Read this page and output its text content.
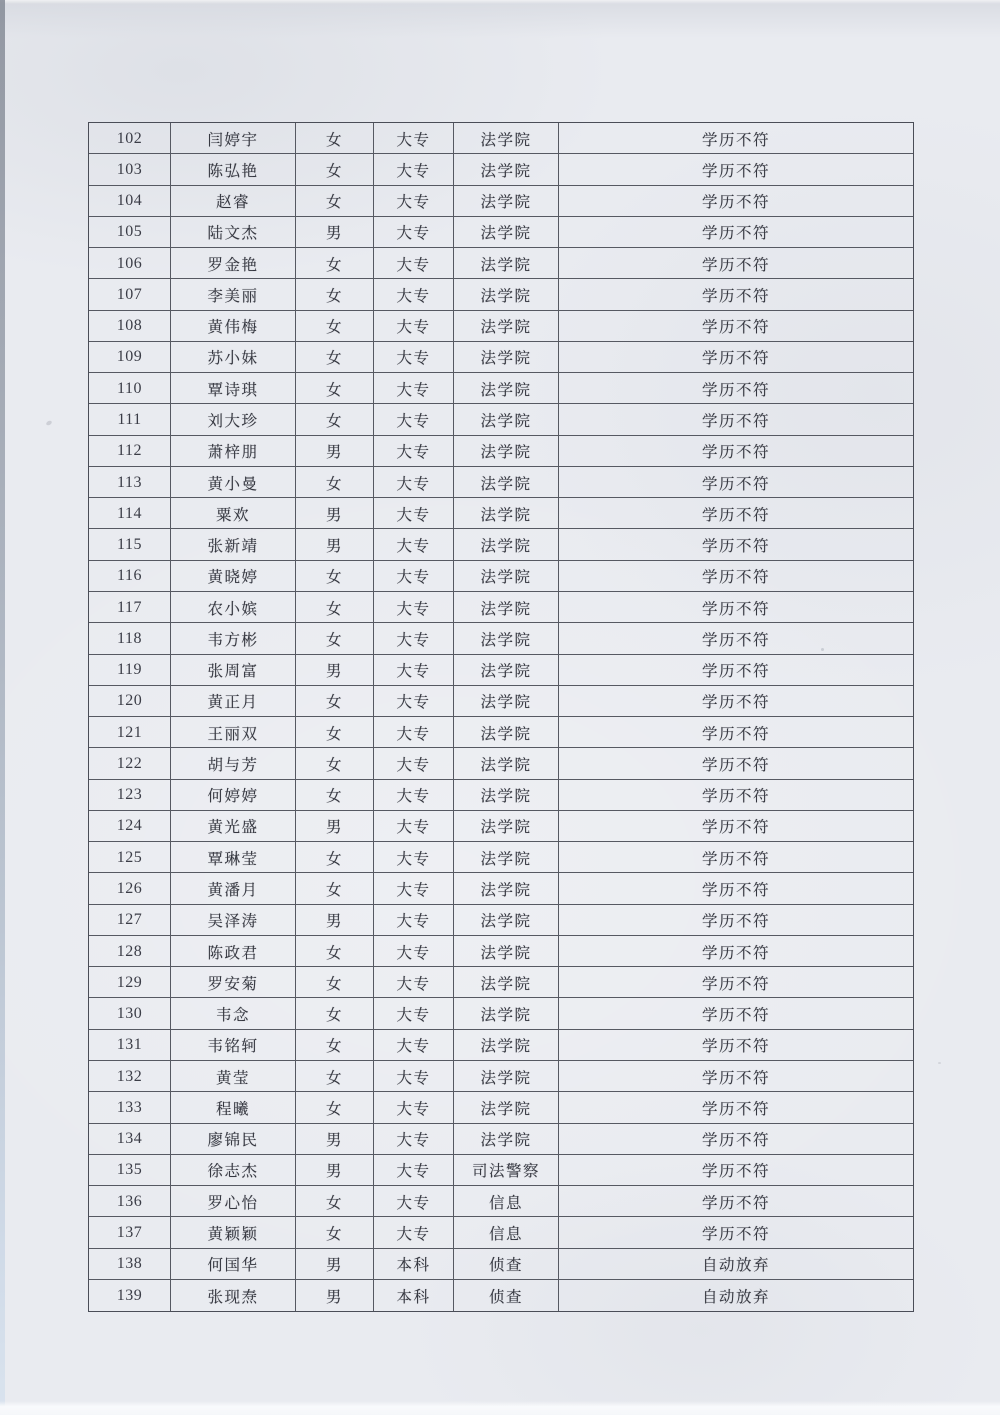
102	闫婷宇	女	大专	法学院	学历不符
103	陈弘艳	女	大专	法学院	学历不符
104	赵睿	女	大专	法学院	学历不符
105	陆文杰	男	大专	法学院	学历不符
106	罗金艳	女	大专	法学院	学历不符
107	李美丽	女	大专	法学院	学历不符
108	黄伟梅	女	大专	法学院	学历不符
109	苏小妹	女	大专	法学院	学历不符
110	覃诗琪	女	大专	法学院	学历不符
111	刘大珍	女	大专	法学院	学历不符
112	萧梓朋	男	大专	法学院	学历不符
113	黄小曼	女	大专	法学院	学历不符
114	粟欢	男	大专	法学院	学历不符
115	张新靖	男	大专	法学院	学历不符
116	黄晓婷	女	大专	法学院	学历不符
117	农小嫔	女	大专	法学院	学历不符
118	韦方彬	女	大专	法学院	学历不符
119	张周富	男	大专	法学院	学历不符
120	黄正月	女	大专	法学院	学历不符
121	王丽双	女	大专	法学院	学历不符
122	胡与芳	女	大专	法学院	学历不符
123	何婷婷	女	大专	法学院	学历不符
124	黄光盛	男	大专	法学院	学历不符
125	覃琳莹	女	大专	法学院	学历不符
126	黄潘月	女	大专	法学院	学历不符
127	吴泽涛	男	大专	法学院	学历不符
128	陈政君	女	大专	法学院	学历不符
129	罗安菊	女	大专	法学院	学历不符
130	韦念	女	大专	法学院	学历不符
131	韦铭轲	女	大专	法学院	学历不符
132	黄莹	女	大专	法学院	学历不符
133	程曦	女	大专	法学院	学历不符
134	廖锦民	男	大专	法学院	学历不符
135	徐志杰	男	大专	司法警察	学历不符
136	罗心怡	女	大专	信息	学历不符
137	黄颖颖	女	大专	信息	学历不符
138	何国华	男	本科	侦查	自动放弃
139	张现焘	男	本科	侦查	自动放弃
